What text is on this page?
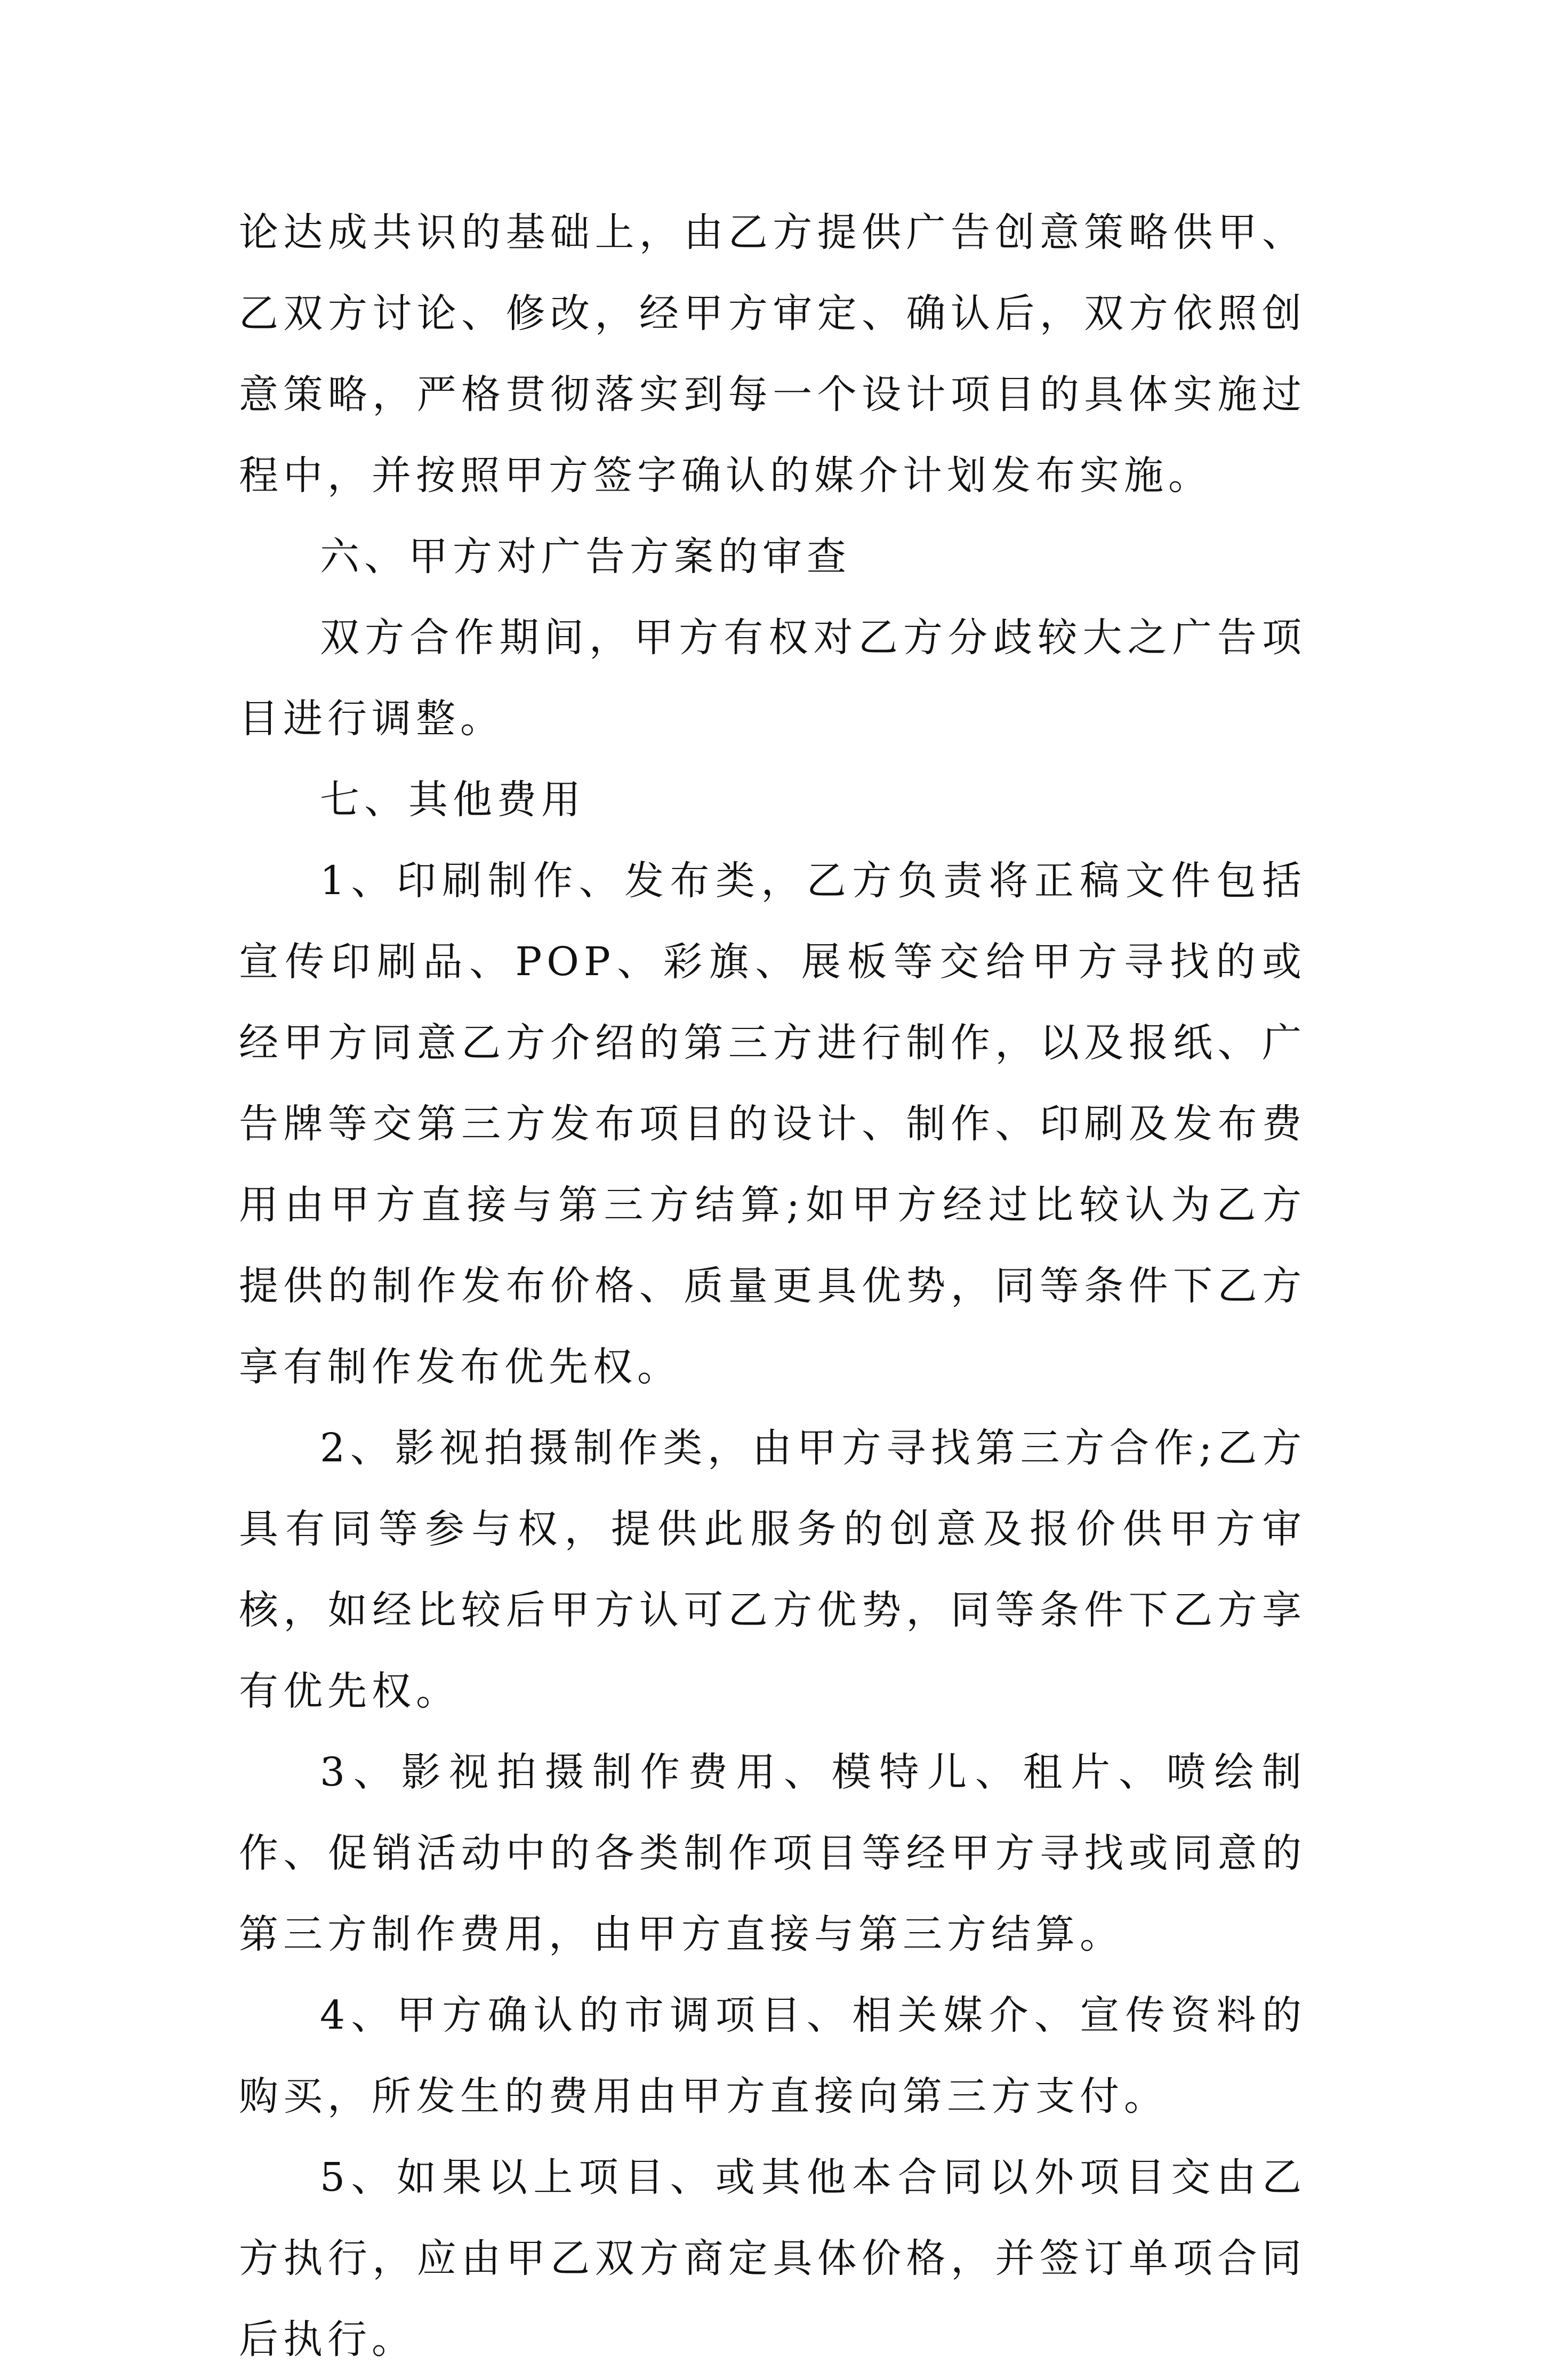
论达成共识的基础上，由乙方提供广告创意策略供甲、乙双方讨论、修改，经甲方审定、确认后，双方依照创意策略，严格贯彻落实到每一个设计项目的具体实施过程中，并按照甲方签字确认的媒介计划发布实施。

六、甲方对广告方案的审查

双方合作期间，甲方有权对乙方分歧较大之广告项目进行调整。

七、其他费用

1、印刷制作、发布类，乙方负责将正稿文件包括宣传印刷品、POP、彩旗、展板等交给甲方寻找的或经甲方同意乙方介绍的第三方进行制作，以及报纸、广告牌等交第三方发布项目的设计、制作、印刷及发布费用由甲方直接与第三方结算;如甲方经过比较认为乙方提供的制作发布价格、质量更具优势，同等条件下乙方享有制作发布优先权。

2、影视拍摄制作类，由甲方寻找第三方合作;乙方具有同等参与权，提供此服务的创意及报价供甲方审核，如经比较后甲方认可乙方优势，同等条件下乙方享有优先权。

3、影视拍摄制作费用、模特儿、租片、喷绘制作、促销活动中的各类制作项目等经甲方寻找或同意的第三方制作费用，由甲方直接与第三方结算。

4、甲方确认的市调项目、相关媒介、宣传资料的购买，所发生的费用由甲方直接向第三方支付。

5、如果以上项目、或其他本合同以外项目交由乙方执行，应由甲乙双方商定具体价格，并签订单项合同后执行。
